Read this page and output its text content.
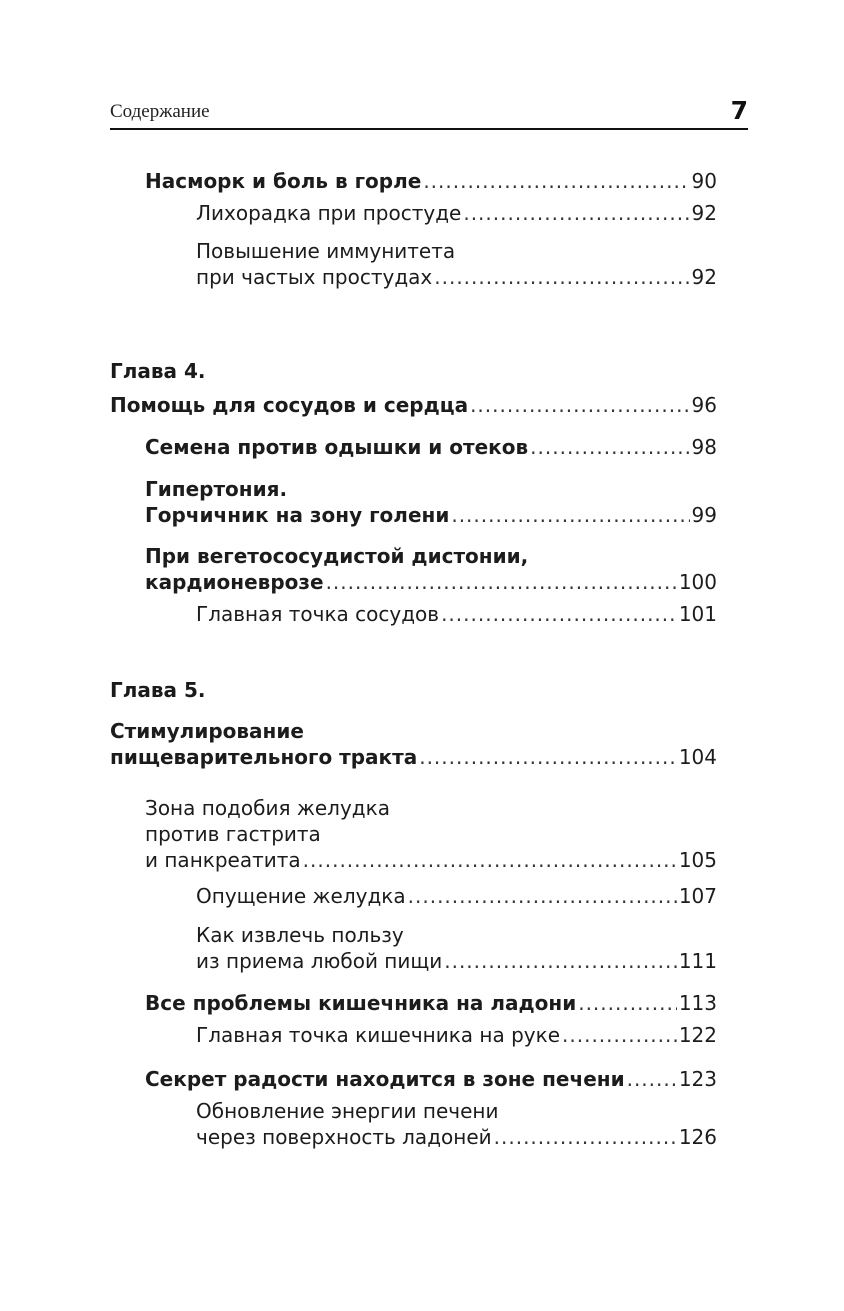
Содержание	7
Насморк и боль в горле .....	90
Лихорадка при простуде .....	92
Повышение иммунитета
при частых простудах .....	92
Глава 4.
Помощь для сосудов и сердца .....	96
Семена против одышки и отеков .....	98
Гипертония.
Горчичник на зону голени .....	99
При вегетососудистой дистонии,
кардионеврозе .....	100
Главная точка сосудов .....	101
Глава 5.
Стимулирование
пищеварительного тракта .....	104
Зона подобия желудка
против гастрита
и панкреатита .....	105
Опущение желудка .....	107
Как извлечь пользу
из приема любой пищи .....	111
Все проблемы кишечника на ладони .....	113
Главная точка кишечника на руке .....	122
Секрет радости находится в зоне печени .....	123
Обновление энергии печени
через поверхность ладоней .....	126
